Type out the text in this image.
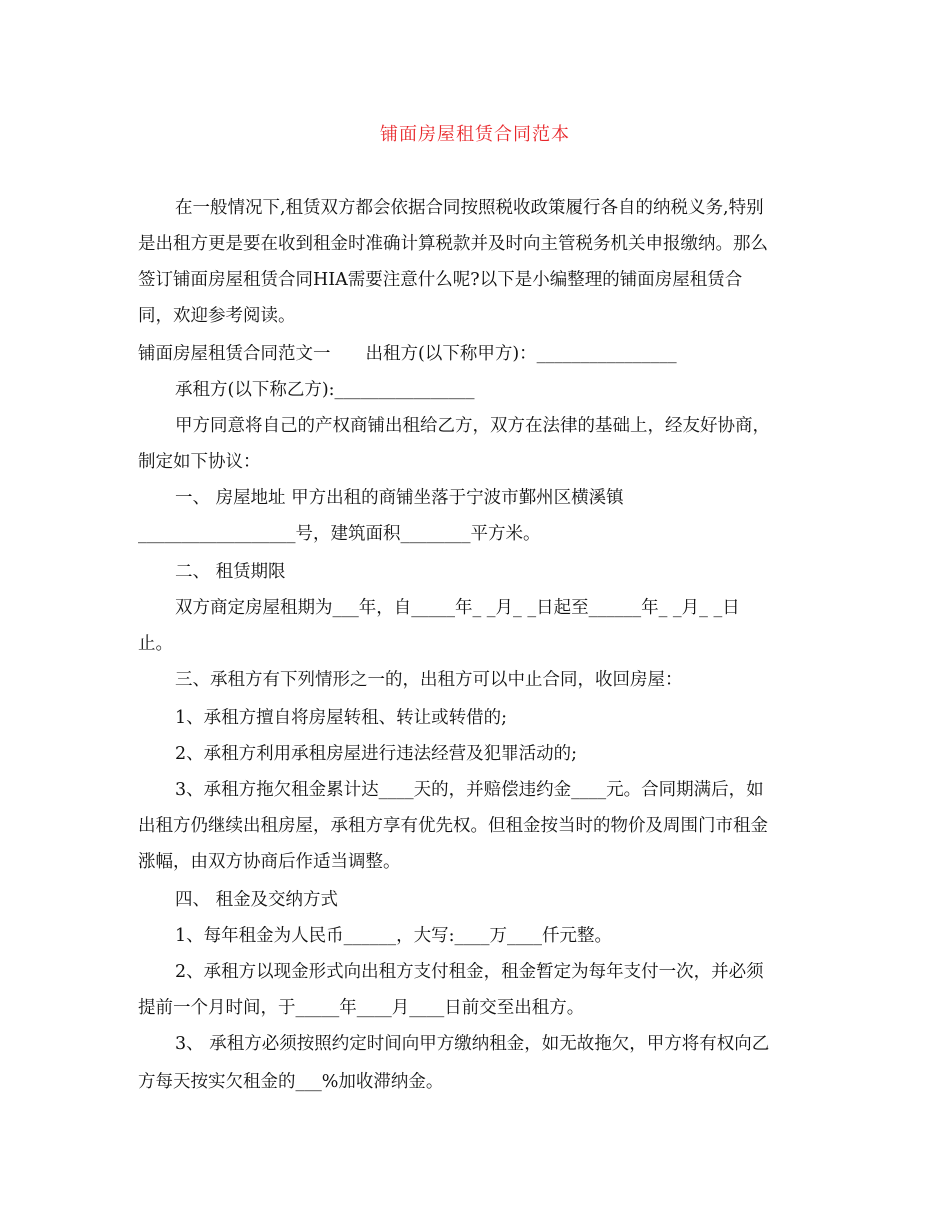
铺面房屋租赁合同范本
在一般情况下,租赁双方都会依据合同按照税收政策履行各自的纳税义务,特别
是出租方更是要在收到租金时准确计算税款并及时向主管税务机关申报缴纳。那么
签订铺面房屋租赁合同HIA需要注意什么呢?以下是小编整理的铺面房屋租赁合
同，欢迎参考阅读。
铺面房屋租赁合同范文一　　出租方(以下称甲方)：________________
承租方(以下称乙方):________________
甲方同意将自己的产权商铺出租给乙方，双方在法律的基础上，经友好协商，
制定如下协议：
一、 房屋地址 甲方出租的商铺坐落于宁波市鄞州区横溪镇
__________________号，建筑面积________平方米。
二、 租赁期限
双方商定房屋租期为___年，自_____年_ _月_ _日起至______年_ _月_ _日
止。
三、承租方有下列情形之一的，出租方可以中止合同，收回房屋：
1、承租方擅自将房屋转租、转让或转借的;
2、承租方利用承租房屋进行违法经营及犯罪活动的;
3、承租方拖欠租金累计达____天的，并赔偿违约金____元。合同期满后，如
出租方仍继续出租房屋，承租方享有优先权。但租金按当时的物价及周围门市租金
涨幅，由双方协商后作适当调整。
四、 租金及交纳方式
1、每年租金为人民币______，大写:____万____仟元整。
2、承租方以现金形式向出租方支付租金，租金暂定为每年支付一次，并必须
提前一个月时间，于_____年____月____日前交至出租方。
3、 承租方必须按照约定时间向甲方缴纳租金，如无故拖欠，甲方将有权向乙
方每天按实欠租金的___%加收滞纳金。
